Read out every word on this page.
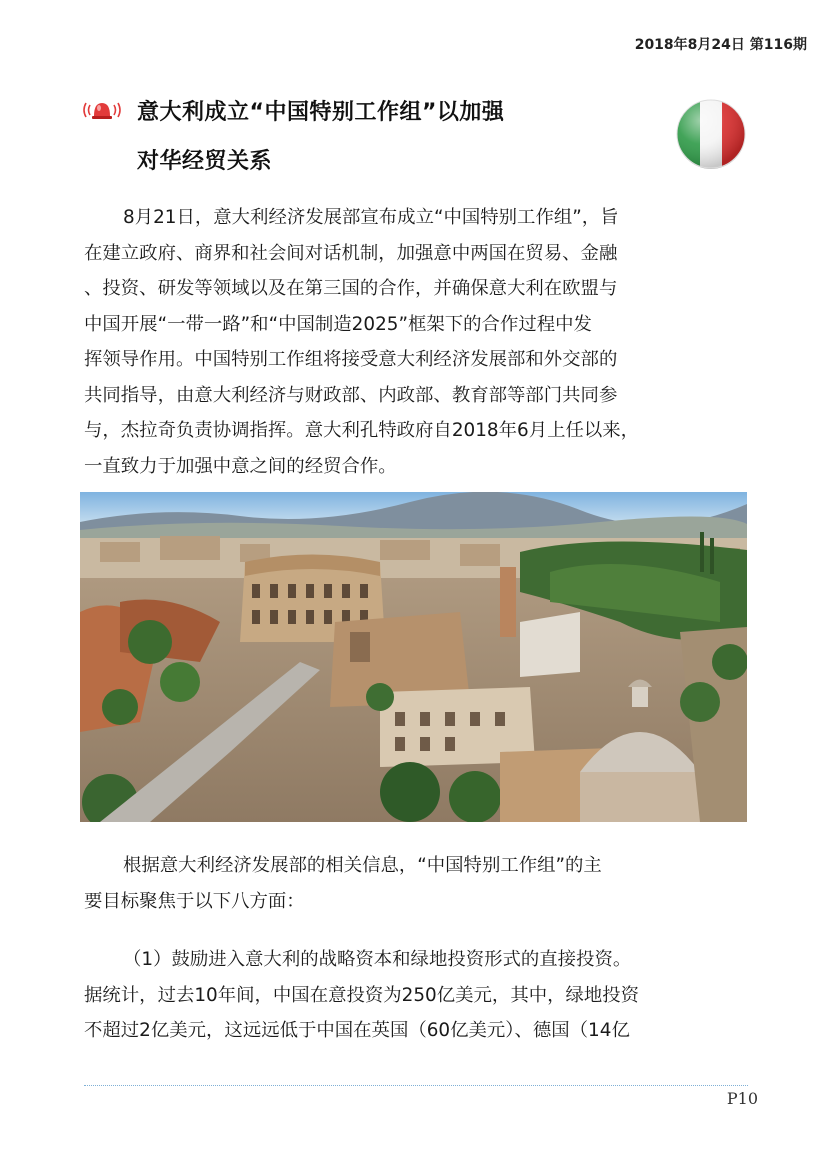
2018年8月24日 第116期
意大利成立“中国特别工作组”以加强
对华经贸关系
8月21日，意大利经济发展部宣布成立“中国特别工作组”，旨
在建立政府、商界和社会间对话机制，加强意中两国在贸易、金融
、投资、研发等领域以及在第三国的合作，并确保意大利在欧盟与
中国开展“一带一路”和“中国制造2025”框架下的合作过程中发
挥领导作用。中国特别工作组将接受意大利经济发展部和外交部的
共同指导，由意大利经济与财政部、内政部、教育部等部门共同参
与，杰拉奇负责协调指挥。意大利孔特政府自2018年6月上任以来，
一直致力于加强中意之间的经贸合作。
根据意大利经济发展部的相关信息，“中国特别工作组”的主
要目标聚焦于以下八方面：
（1）鼓励进入意大利的战略资本和绿地投资形式的直接投资。
据统计，过去10年间，中国在意投资为250亿美元，其中，绿地投资
不超过2亿美元，这远远低于中国在英国（60亿美元）、德国（14亿
P10
